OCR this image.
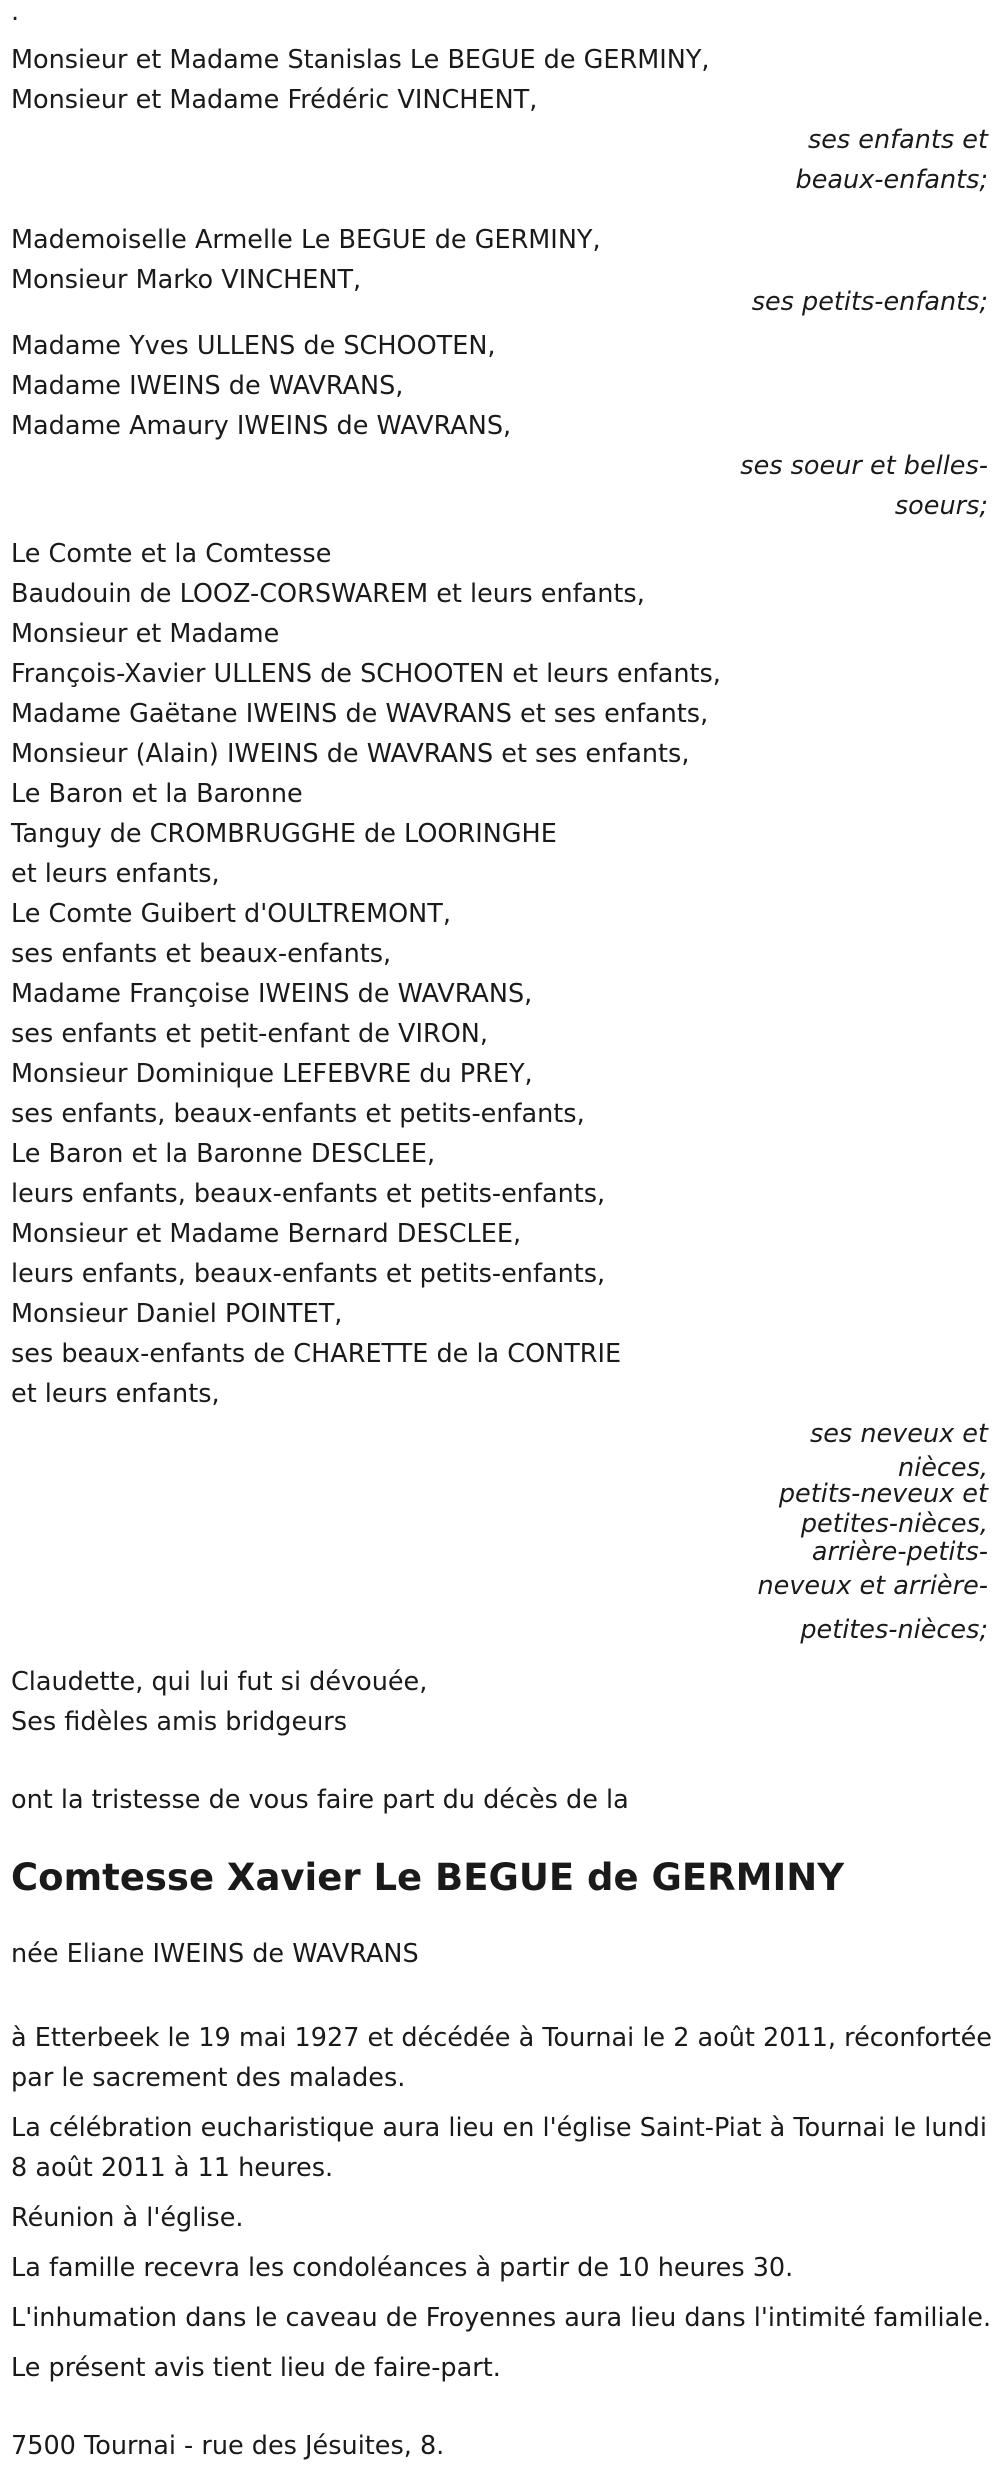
.
Monsieur et Madame Stanislas Le BEGUE de GERMINY,
Monsieur et Madame Frédéric VINCHENT,
ses enfants et
beaux-enfants;
Mademoiselle Armelle Le BEGUE de GERMINY,
Monsieur Marko VINCHENT,
ses petits-enfants;
Madame Yves ULLENS de SCHOOTEN,
Madame IWEINS de WAVRANS,
Madame Amaury IWEINS de WAVRANS,
ses soeur et belles-
soeurs;
Le Comte et la Comtesse
Baudouin de LOOZ-CORSWAREM et leurs enfants,
Monsieur et Madame
François-Xavier ULLENS de SCHOOTEN et leurs enfants,
Madame Gaëtane IWEINS de WAVRANS et ses enfants,
Monsieur (Alain) IWEINS de WAVRANS et ses enfants,
Le Baron et la Baronne
Tanguy de CROMBRUGGHE de LOORINGHE
et leurs enfants,
Le Comte Guibert d'OULTREMONT,
ses enfants et beaux-enfants,
Madame Françoise IWEINS de WAVRANS,
ses enfants et petit-enfant de VIRON,
Monsieur Dominique LEFEBVRE du PREY,
ses enfants, beaux-enfants et petits-enfants,
Le Baron et la Baronne DESCLEE,
leurs enfants, beaux-enfants et petits-enfants,
Monsieur et Madame Bernard DESCLEE,
leurs enfants, beaux-enfants et petits-enfants,
Monsieur Daniel POINTET,
ses beaux-enfants de CHARETTE de la CONTRIE
et leurs enfants,
ses neveux et
nièces,
petits-neveux et
petites-nièces,
arrière-petits-
neveux et arrière-
petites-nièces;
Claudette, qui lui fut si dévouée,
Ses fidèles amis bridgeurs

ont la tristesse de vous faire part du décès de la

Comtesse Xavier Le BEGUE de GERMINY

née Eliane IWEINS de WAVRANS

à Etterbeek le 19 mai 1927 et décédée à Tournai le 2 août 2011, réconfortée par le sacrement des malades.

La célébration eucharistique aura lieu en l'église Saint-Piat à Tournai le lundi 8 août 2011 à 11 heures.

Réunion à l'église.

La famille recevra les condoléances à partir de 10 heures 30.

L'inhumation dans le caveau de Froyennes aura lieu dans l'intimité familiale.

Le présent avis tient lieu de faire-part.

7500 Tournai - rue des Jésuites, 8.
